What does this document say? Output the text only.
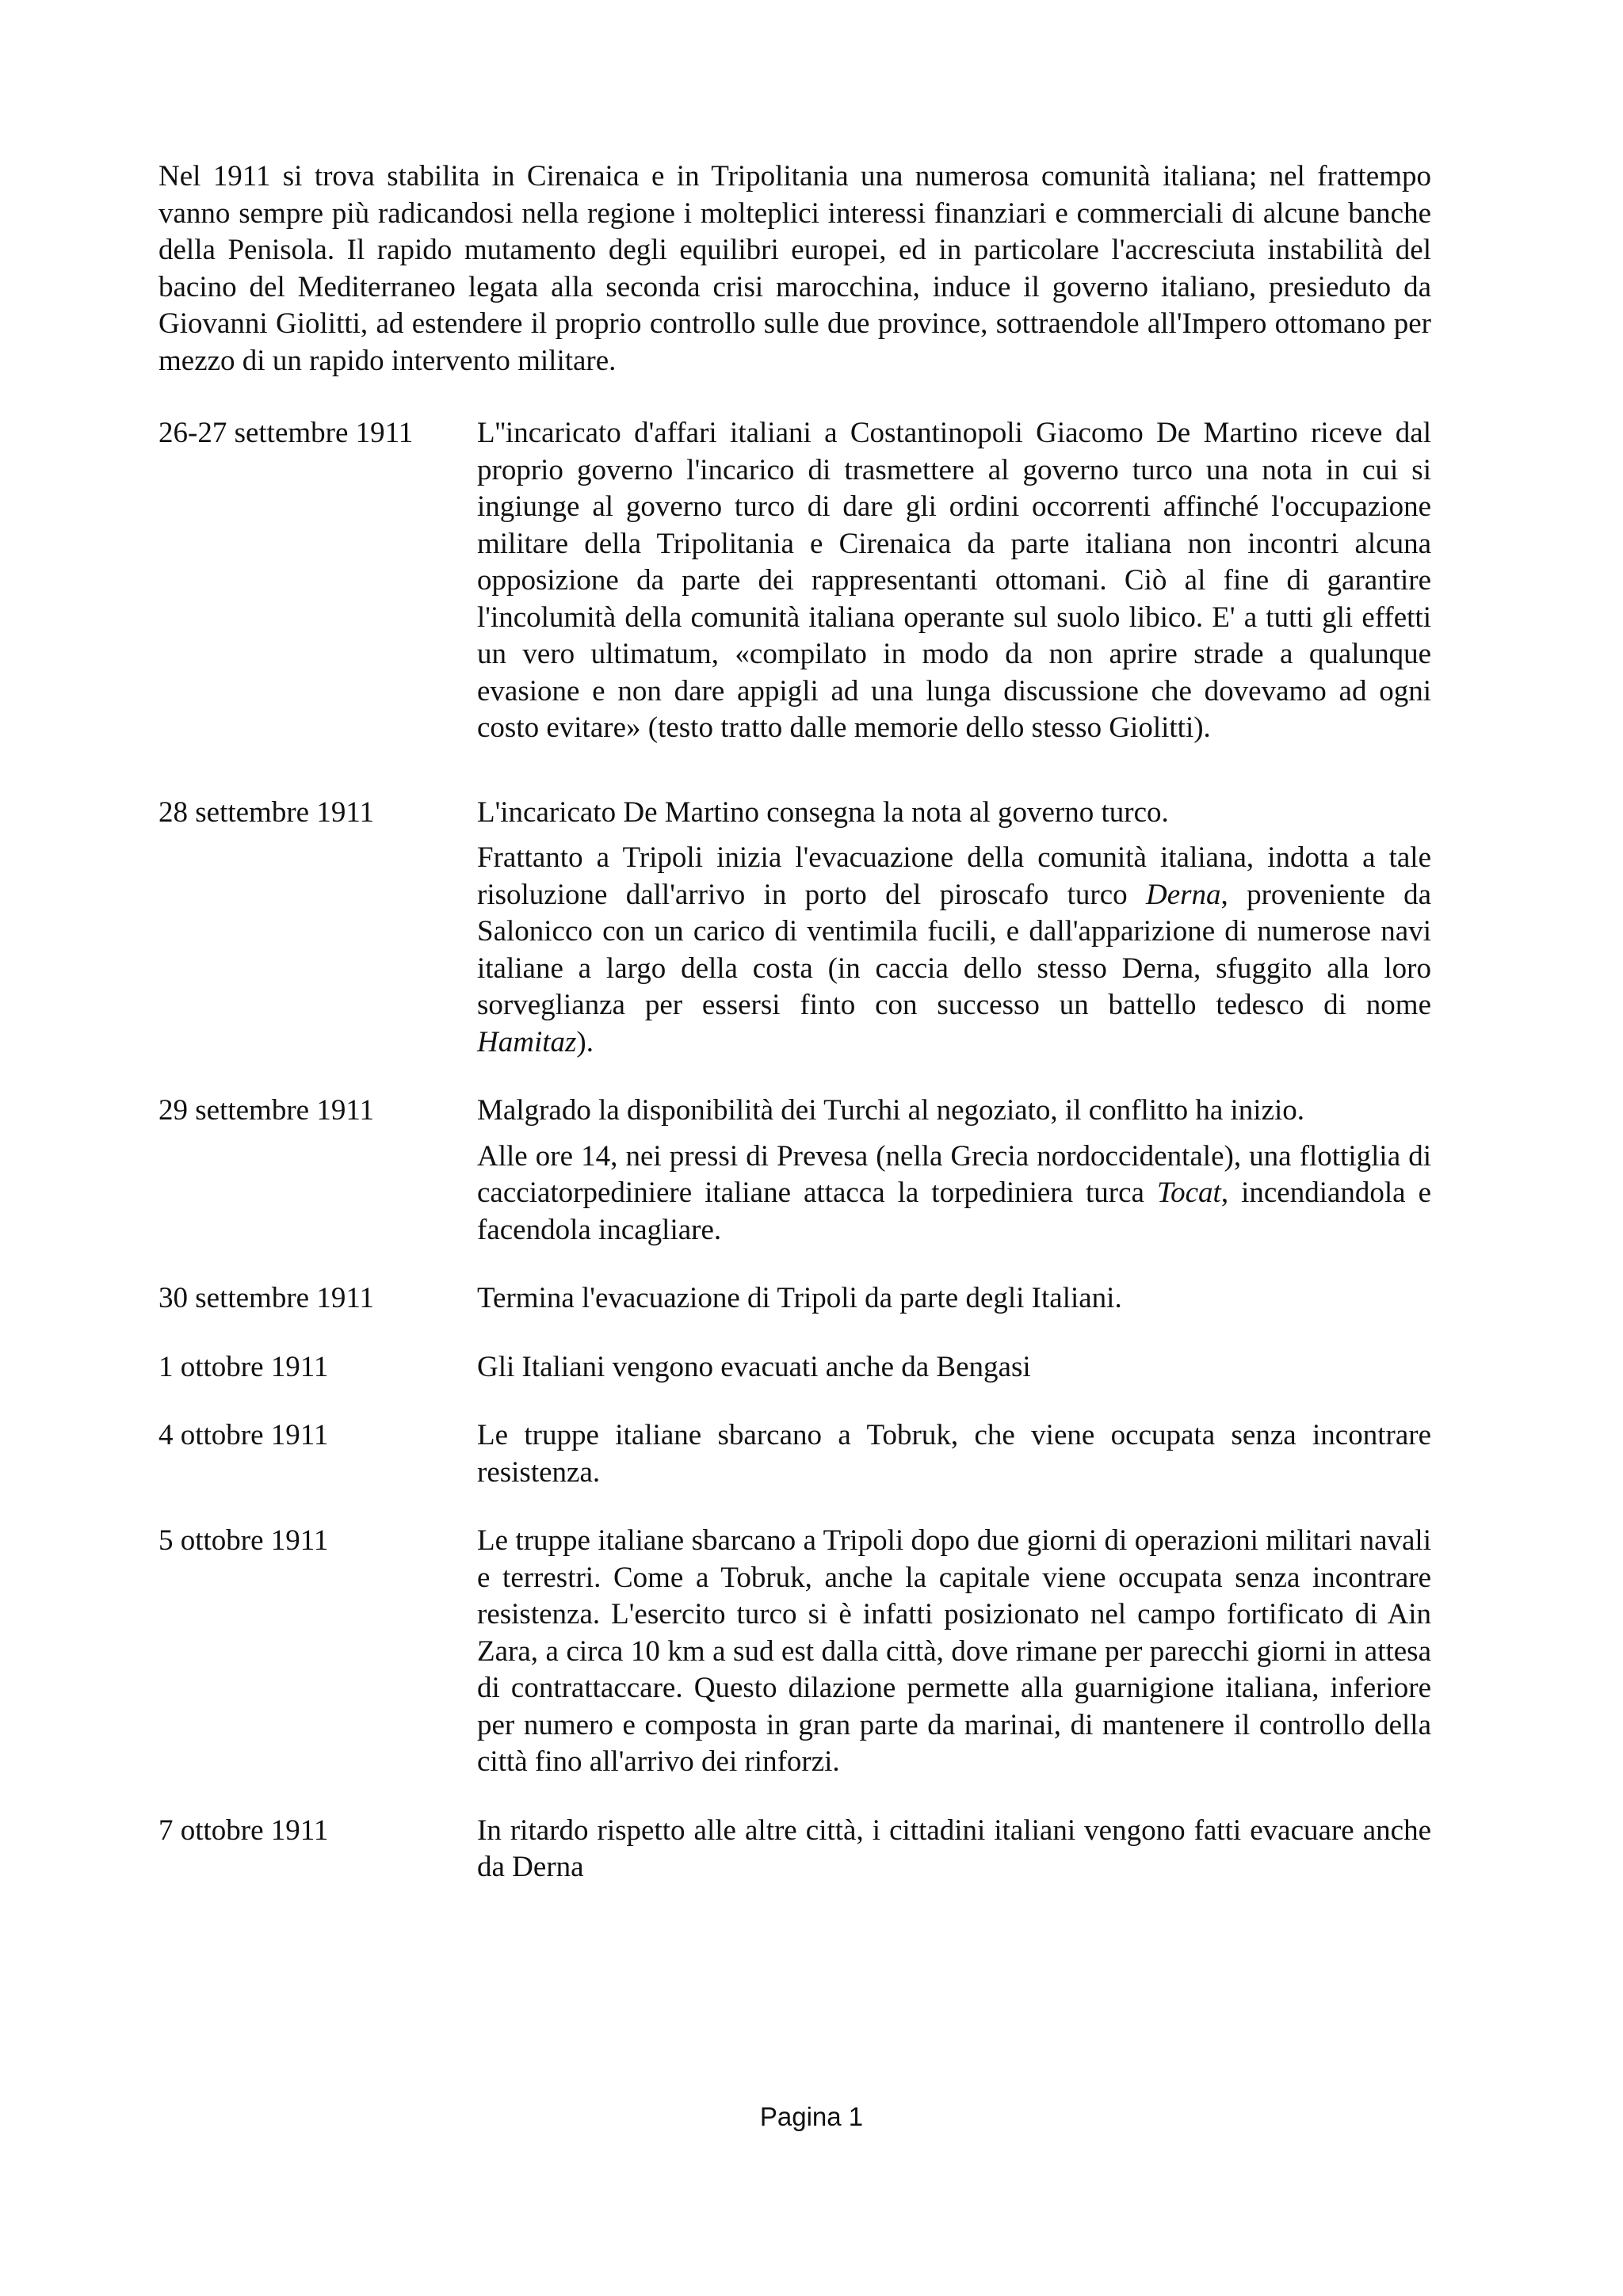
Nel 1911 si trova stabilita in Cirenaica e in Tripolitania una numerosa comunità italiana; nel frattempo vanno sempre più radicandosi nella regione i molteplici interessi finanziari e commerciali di alcune banche della Penisola. Il rapido mutamento degli equilibri europei, ed in particolare l'accresciuta instabilità del bacino del Mediterraneo legata alla seconda crisi marocchina, induce il governo italiano, presieduto da Giovanni Giolitti, ad estendere il proprio controllo sulle due province, sottraendole all'Impero ottomano per mezzo di un rapido intervento militare.

26-27 settembre 1911	L''incaricato d'affari italiani a Costantinopoli Giacomo De Martino riceve dal proprio governo l'incarico di trasmettere al governo turco una nota in cui si ingiunge al governo turco di dare gli ordini occorrenti affinché l'occupazione militare della Tripolitania e Cirenaica da parte italiana non incontri alcuna opposizione da parte dei rappresentanti ottomani. Ciò al fine di garantire l'incolumità della comunità italiana operante sul suolo libico. E' a tutti gli effetti un vero ultimatum, «compilato in modo da non aprire strade a qualunque evasione e non dare appigli ad una lunga discussione che dovevamo ad ogni costo evitare» (testo tratto dalle memorie dello stesso Giolitti).

28 settembre 1911	L'incaricato De Martino consegna la nota al governo turco.

Frattanto a Tripoli inizia l'evacuazione della comunità italiana, indotta a tale risoluzione dall'arrivo in porto del piroscafo turco Derna, proveniente da Salonicco con un carico di ventimila fucili, e dall'apparizione di numerose navi italiane a largo della costa (in caccia dello stesso Derna, sfuggito alla loro sorveglianza per essersi finto con successo un battello tedesco di nome Hamitaz).

29 settembre 1911	Malgrado la disponibilità dei Turchi al negoziato, il conflitto ha inizio.

Alle ore 14, nei pressi di Prevesa (nella Grecia nordoccidentale), una flottiglia di cacciatorpediniere italiane attacca la torpediniera turca Tocat, incendiandola e facendola incagliare.

30 settembre 1911	Termina l'evacuazione di Tripoli da parte degli Italiani.

1 ottobre 1911	Gli Italiani vengono evacuati anche da Bengasi

4 ottobre 1911	Le truppe italiane sbarcano a Tobruk, che viene occupata senza incontrare resistenza.

5 ottobre 1911	Le truppe italiane sbarcano a Tripoli dopo due giorni di operazioni militari navali e terrestri. Come a Tobruk, anche la capitale viene occupata senza incontrare resistenza. L'esercito turco si è infatti posizionato nel campo fortificato di Ain Zara, a circa 10 km a sud est dalla città, dove rimane per parecchi giorni in attesa di contrattaccare. Questo dilazione permette alla guarnigione italiana, inferiore per numero e composta in gran parte da marinai, di mantenere il controllo della città fino all'arrivo dei rinforzi.

7 ottobre 1911	In ritardo rispetto alle altre città, i cittadini italiani vengono fatti evacuare anche da Derna

Pagina 1
